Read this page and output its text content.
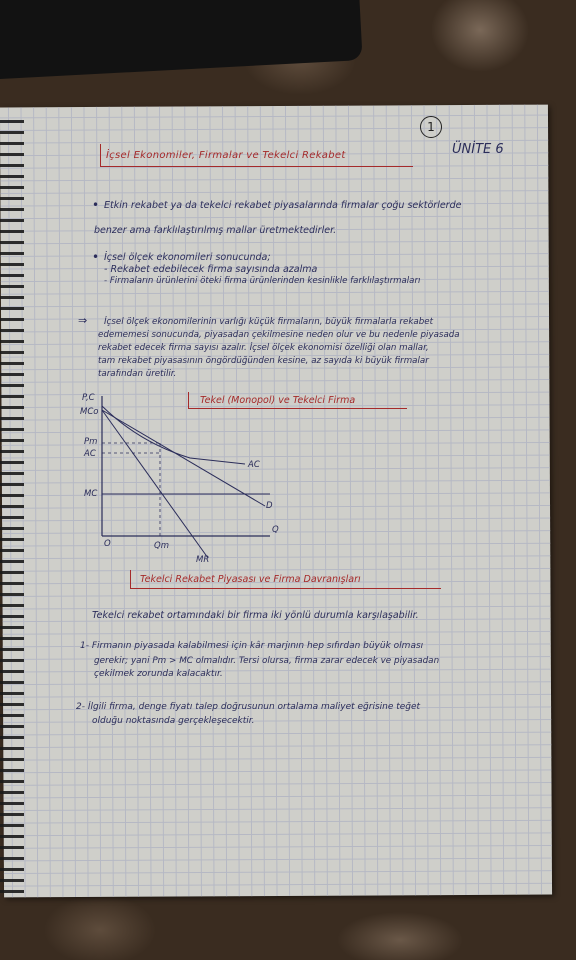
1
İçsel Ekonomiler, Firmalar ve Tekelci Rekabet	ÜNİTE 6
• Etkin rekabet ya da tekelci rekabet piyasalarında firmalar çoğu sektörlerde
benzer ama farklılaştırılmış mallar üretmektedirler.
• İçsel ölçek ekonomileri sonucunda;
- Rekabet edebilecek firma sayısında azalma
- Firmaların ürünlerini öteki firma ürünlerinden kesinlikle farklılaştırmaları
⇒ İçsel ölçek ekonomilerinin varlığı küçük firmaların, büyük firmalarla rekabet
edememesi sonucunda, piyasadan çekilmesine neden olur ve bu nedenle piyasada
rekabet edecek firma sayısı azalır. İçsel ölçek ekonomisi özelliği olan mallar,
tam rekabet piyasasının öngördüğünden kesine, az sayıda ki büyük firmalar
tarafından üretilir.
Tekel (Monopol) ve Tekelci Firma
P,C
MCo
Pm
AC
MC
O	Qm
MR
AC
D
Q
Tekelci Rekabet Piyasası ve Firma Davranışları
Tekelci rekabet ortamındaki bir firma iki yönlü durumla karşılaşabilir.
1- Firmanın piyasada kalabilmesi için kâr marjının hep sıfırdan büyük olması
gerekir; yani Pm > MC olmalıdır. Tersi olursa, firma zarar edecek ve piyasadan
çekilmek zorunda kalacaktır.
2- İlgili firma, denge fiyatı talep doğrusunun ortalama maliyet eğrisine teğet
olduğu noktasında gerçekleşecektir.
